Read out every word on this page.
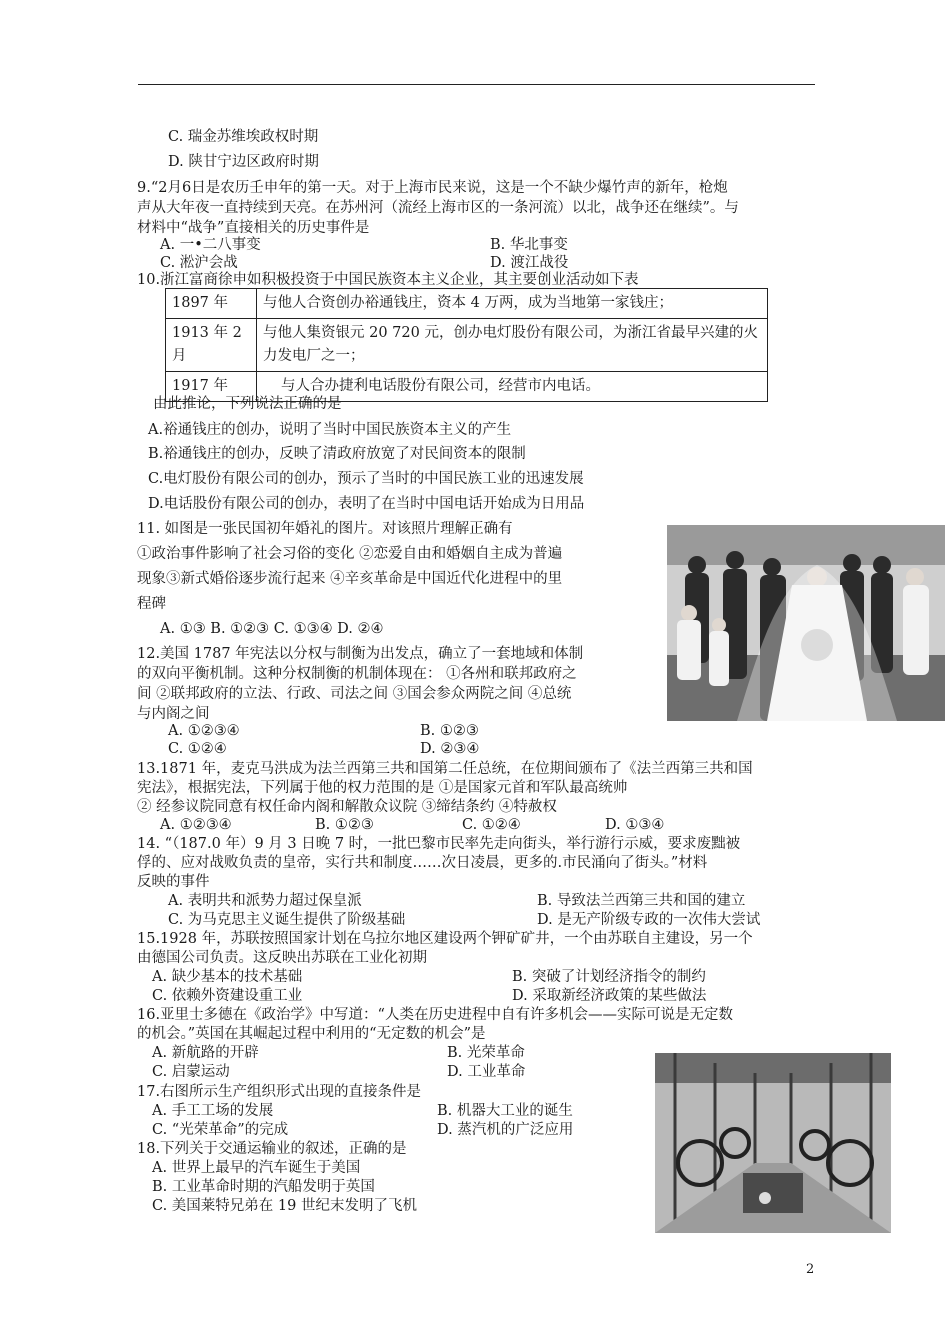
C. 瑞金苏维埃政权时期
D. 陕甘宁边区政府时期
9.“2月6日是农历壬申年的第一天。对于上海市民来说，这是一个不缺少爆竹声的新年，枪炮
声从大年夜一直持续到天亮。在苏州河（流经上海市区的一条河流）以北，战争还在继续”。与
材料中“战争”直接相关的历史事件是
A. 一•二八事变	B. 华北事变
C. 淞沪会战	D. 渡江战役
10.浙江富商徐申如积极投资于中国民族资本主义企业，其主要创业活动如下表
1897 年	与他人合资创办裕通钱庄，资本 4 万两，成为当地第一家钱庄；
1913 年 2 月	与他人集资银元 20 720 元，创办电灯股份有限公司，为浙江省最早兴建的火力发电厂之一；
1917 年	与人合办捷利电话股份有限公司，经营市内电话。
由此推论，下列说法正确的是
A.裕通钱庄的创办，说明了当时中国民族资本主义的产生
B.裕通钱庄的创办，反映了清政府放宽了对民间资本的限制
C.电灯股份有限公司的创办，预示了当时的中国民族工业的迅速发展
D.电话股份有限公司的创办，表明了在当时中国电话开始成为日用品
11. 如图是一张民国初年婚礼的图片。对该照片理解正确有
①政治事件影响了社会习俗的变化 ②恋爱自由和婚姻自主成为普遍
现象③新式婚俗逐步流行起来 ④辛亥革命是中国近代化进程中的里
程碑
A. ①③ B. ①②③ C. ①③④ D. ②④
12.美国 1787 年宪法以分权与制衡为出发点，确立了一套地域和体制
的双向平衡机制。这种分权制衡的机制体现在： ①各州和联邦政府之
间 ②联邦政府的立法、行政、司法之间 ③国会参众两院之间 ④总统
与内阁之间
A. ①②③④	B. ①②③
C. ①②④	D. ②③④
13.1871 年，麦克马洪成为法兰西第三共和国第二任总统，在位期间颁布了《法兰西第三共和国
宪法》，根据宪法，下列属于他的权力范围的是 ①是国家元首和军队最高统帅
② 经参议院同意有权任命内阁和解散众议院 ③缔结条约 ④特赦权
A. ①②③④	B. ①②③	C. ①②④	D. ①③④
14. “（187.0 年）9 月 3 日晚 7 时，一批巴黎市民率先走向街头，举行游行示威，要求废黜被
俘的、应对战败负责的皇帝，实行共和制度……次日凌晨，更多的.市民涌向了街头。”材料
反映的事件
A. 表明共和派势力超过保皇派	B. 导致法兰西第三共和国的建立
C. 为马克思主义诞生提供了阶级基础	D. 是无产阶级专政的一次伟大尝试
15.1928 年，苏联按照国家计划在乌拉尔地区建设两个钾矿矿井，一个由苏联自主建设，另一个
由德国公司负责。这反映出苏联在工业化初期
A. 缺少基本的技术基础	B. 突破了计划经济指令的制约
C. 依赖外资建设重工业	D. 采取新经济政策的某些做法
16.亚里士多德在《政治学》中写道：“人类在历史进程中自有许多机会——实际可说是无定数
的机会。”英国在其崛起过程中利用的“无定数的机会”是
A. 新航路的开辟	B. 光荣革命
C. 启蒙运动	D. 工业革命
17.右图所示生产组织形式出现的直接条件是
A. 手工工场的发展	B. 机器大工业的诞生
C. “光荣革命”的完成	D. 蒸汽机的广泛应用
18.下列关于交通运输业的叙述，正确的是
A. 世界上最早的汽车诞生于美国
B. 工业革命时期的汽船发明于英国
C. 美国莱特兄弟在 19 世纪末发明了飞机
2
